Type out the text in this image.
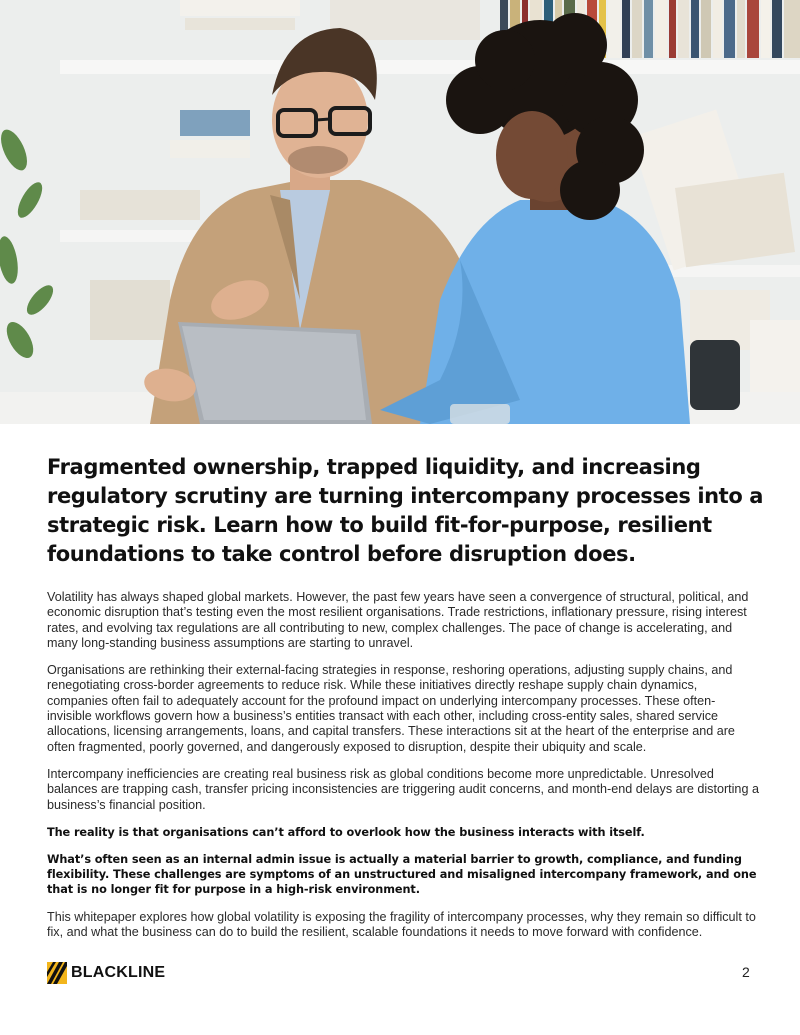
Fragmented ownership, trapped liquidity, and increasing regulatory scrutiny are turning intercompany processes into a strategic risk. Learn how to build fit-for-purpose, resilient foundations to take control before disruption does.

Volatility has always shaped global markets. However, the past few years have seen a convergence of structural, political, and economic disruption that’s testing even the most resilient organisations. Trade restrictions, inflationary pressure, rising interest rates, and evolving tax regulations are all contributing to new, complex challenges. The pace of change is accelerating, and many long-standing business assumptions are starting to unravel.

Organisations are rethinking their external-facing strategies in response, reshoring operations, adjusting supply chains, and renegotiating cross-border agreements to reduce risk. While these initiatives directly reshape supply chain dynamics, companies often fail to adequately account for the profound impact on underlying intercompany processes. These often-invisible workflows govern how a business’s entities transact with each other, including cross-entity sales, shared service allocations, licensing arrangements, loans, and capital transfers. These interactions sit at the heart of the enterprise and are often fragmented, poorly governed, and dangerously exposed to disruption, despite their ubiquity and scale.

Intercompany inefficiencies are creating real business risk as global conditions become more unpredictable. Unresolved balances are trapping cash, transfer pricing inconsistencies are triggering audit concerns, and month-end delays are distorting a business’s financial position.

The reality is that organisations can’t afford to overlook how the business interacts with itself.

What’s often seen as an internal admin issue is actually a material barrier to growth, compliance, and funding flexibility. These challenges are symptoms of an unstructured and misaligned intercompany framework, and one that is no longer fit for purpose in a high-risk environment.

This whitepaper explores how global volatility is exposing the fragility of intercompany processes, why they remain so difficult to fix, and what the business can do to build the resilient, scalable foundations it needs to move forward with confidence.

BLACKLINE	2
